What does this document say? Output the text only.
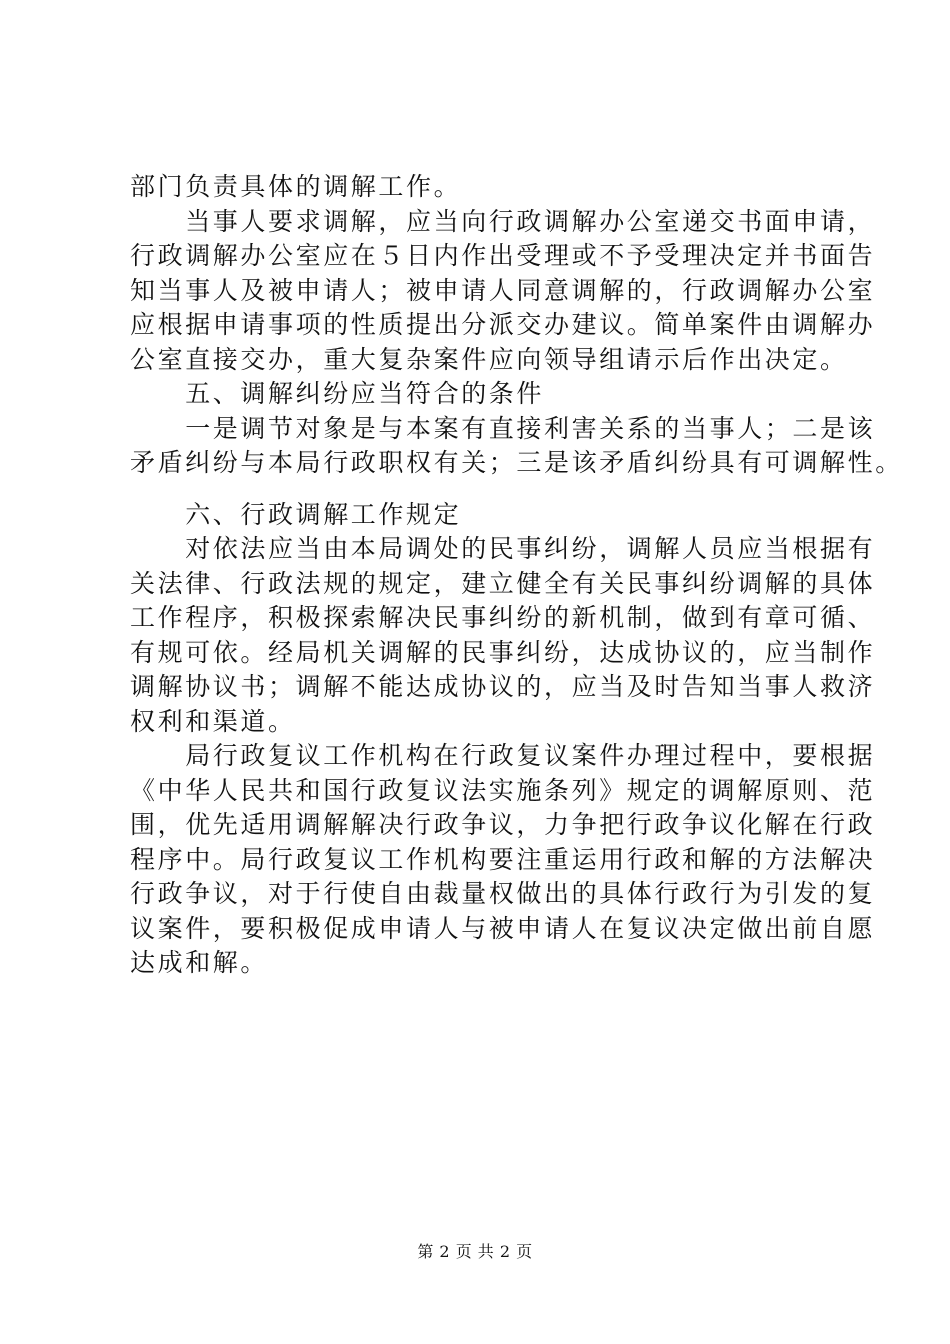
部门负责具体的调解工作。
　　当事人要求调解，应当向行政调解办公室递交书面申请，
行政调解办公室应在５日内作出受理或不予受理决定并书面告
知当事人及被申请人；被申请人同意调解的，行政调解办公室
应根据申请事项的性质提出分派交办建议。简单案件由调解办
公室直接交办，重大复杂案件应向领导组请示后作出决定。
　　五、调解纠纷应当符合的条件
　　一是调节对象是与本案有直接利害关系的当事人；二是该
矛盾纠纷与本局行政职权有关；三是该矛盾纠纷具有可调解性。
　　六、行政调解工作规定
　　对依法应当由本局调处的民事纠纷，调解人员应当根据有
关法律、行政法规的规定，建立健全有关民事纠纷调解的具体
工作程序，积极探索解决民事纠纷的新机制，做到有章可循、
有规可依。经局机关调解的民事纠纷，达成协议的，应当制作
调解协议书；调解不能达成协议的，应当及时告知当事人救济
权利和渠道。
　　局行政复议工作机构在行政复议案件办理过程中，要根据
《中华人民共和国行政复议法实施条列》规定的调解原则、范
围，优先适用调解解决行政争议，力争把行政争议化解在行政
程序中。局行政复议工作机构要注重运用行政和解的方法解决
行政争议，对于行使自由裁量权做出的具体行政行为引发的复
议案件，要积极促成申请人与被申请人在复议决定做出前自愿
达成和解。
第 2 页 共 2 页
